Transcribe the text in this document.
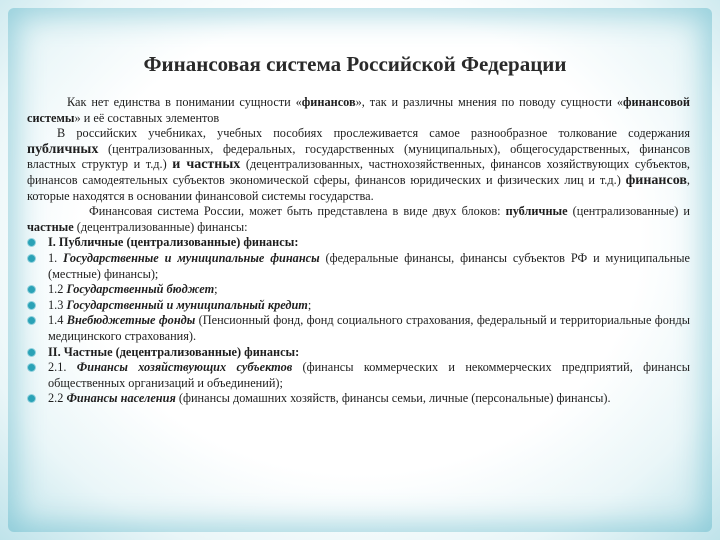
Финансовая система Российской Федерации

Как нет единства в понимании сущности «финансов», так и различны мнения по поводу сущности «финансовой системы» и её составных элементов

В российских учебниках, учебных пособиях прослеживается самое разнообразное толкование содержания публичных (централизованных, федеральных, государственных (муниципальных), общегосударственных, финансов властных структур и т.д.) и частных (децентрализованных, частнохозяйственных, финансов хозяйствующих субъектов, финансов самодеятельных субъектов экономической сферы, финансов юридических и физических лиц и т.д.) финансов, которые находятся в основании финансовой системы государства.

Финансовая система России, может быть представлена в виде двух блоков: публичные (централизованные) и частные (децентрализованные) финансы:

I. Публичные (централизованные) финансы:
1. Государственные и муниципальные финансы (федеральные финансы, финансы субъектов РФ и муниципальные (местные) финансы);
1.2 Государственный бюджет;
1.3 Государственный и муниципальный кредит;
1.4 Внебюджетные фонды (Пенсионный фонд, фонд социального страхования, федеральный и территориальные фонды медицинского страхования).
II. Частные (децентрализованные) финансы:
2.1. Финансы хозяйствующих субъектов (финансы коммерческих и некоммерческих предприятий, финансы общественных организаций и объединений);
2.2 Финансы населения (финансы домашних хозяйств, финансы семьи, личные (персональные) финансы).
